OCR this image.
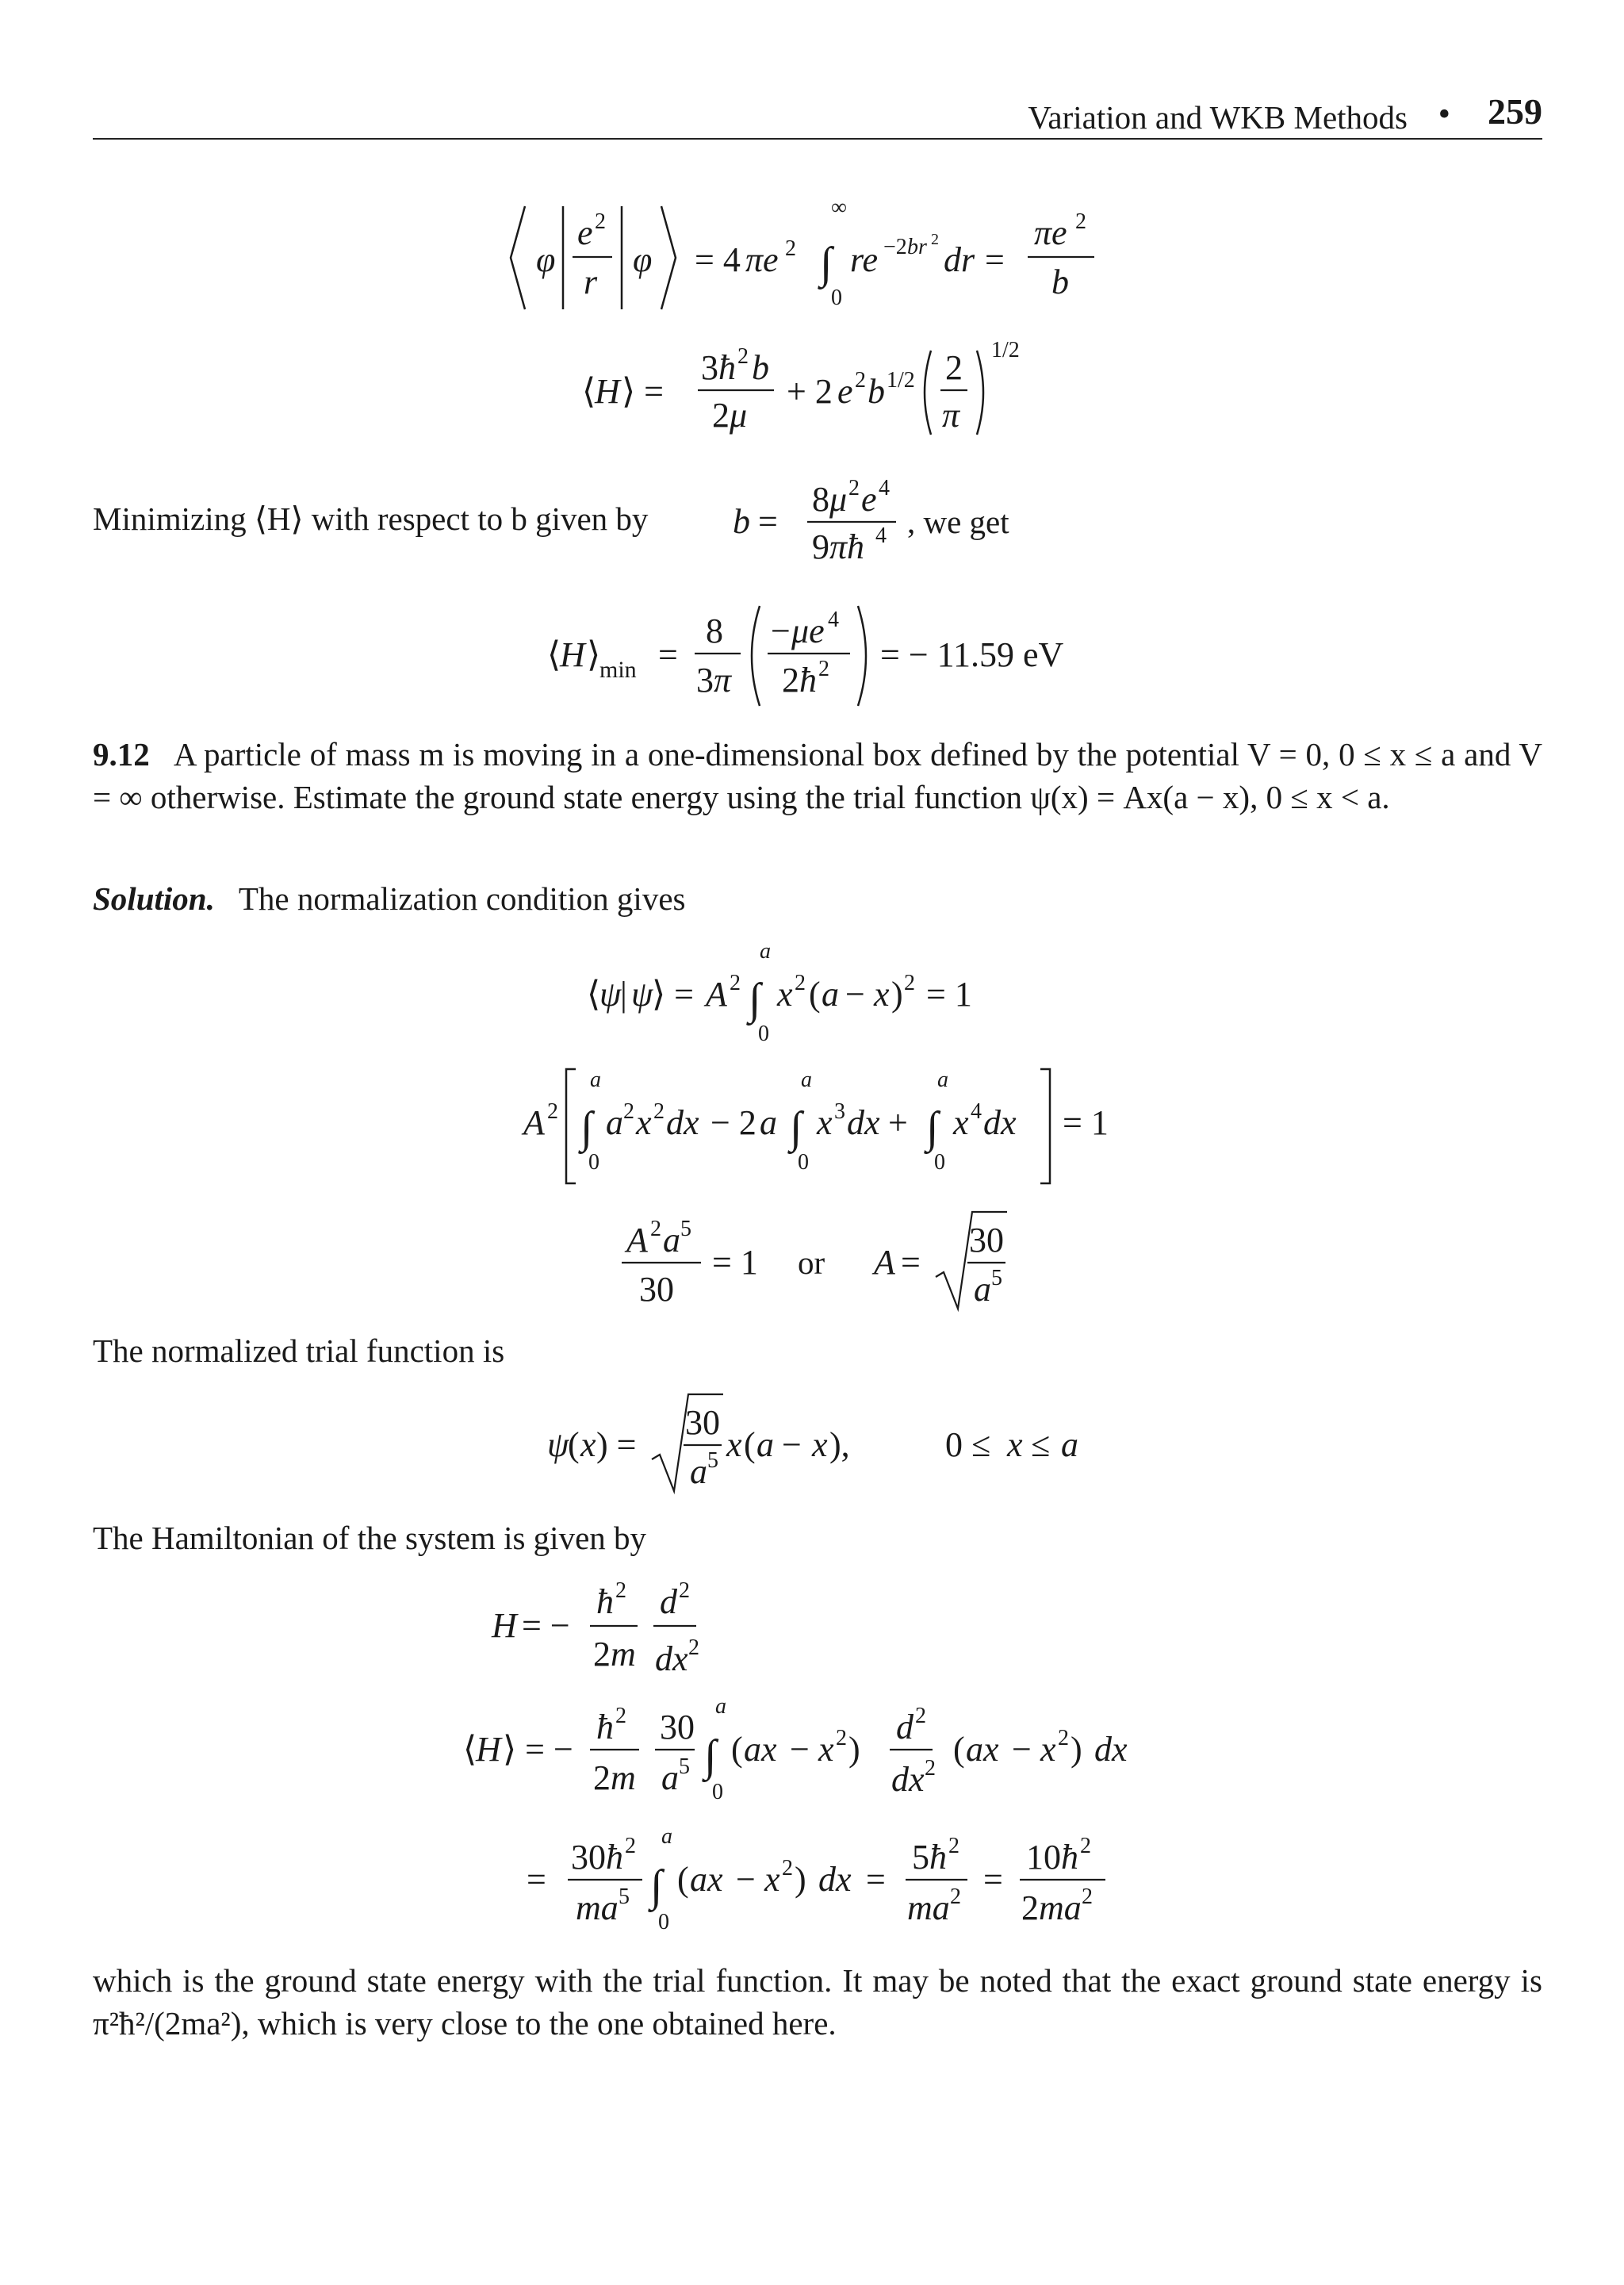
Variation and WKB Methods • 259
φ
e 2
r
φ = 4 πe 2
∞
∫
0
re −2 br 2
dr =
πe 2
b
⟨
H ⟩ =
3 ħ 2 b
2 μ
+ 2 e 2 b 1/2 2
π
1/2
Minimizing ⟨H⟩ with respect to b given by b =
8 μ 2 e 4
9 πħ 4 , we get
⟨
H ⟩
min =
8
3 π
− μe 4
2 ħ 2 = − 11.59 eV
9.12 A particle of mass m is moving in a one-dimensional box defined by the potential V = 0, 0 ≤ x ≤ a and V = ∞ otherwise. Estimate the ground state energy using the trial function ψ(x) = Ax(a − x), 0 ≤ x < a.
Solution. The normalization condition gives
⟨
ψ
| ψ
⟩ = A 2
a
∫
0
x 2 ( a − x ) 2 = 1
A 2
a
∫
0
a 2 x 2 dx − 2 a
a
∫
0
x 3 dx +
a
∫
0
x 4 dx = 1
A 2 a 5
30
= 1 or A =
30
a 5
The normalized trial function is
ψ
( x ) =
30
a 5 x ( a − x ),	0 ≤ x ≤ a
The Hamiltonian of the system is given by
H = −
ħ 2
2 m
d 2
dx 2
⟨
H ⟩ = −
ħ 2
2 m
30
a 5
a
∫
0
( ax − x 2 )
d 2
dx 2 ( ax − x 2 ) dx
=
30 ħ 2
ma 5
a
∫
0
( ax − x 2 ) dx =
5 ħ 2
ma 2 =
10 ħ 2
2 ma 2
which is the ground state energy with the trial function. It may be noted that the exact ground state energy is π²ħ²/(2ma²), which is very close to the one obtained here.
